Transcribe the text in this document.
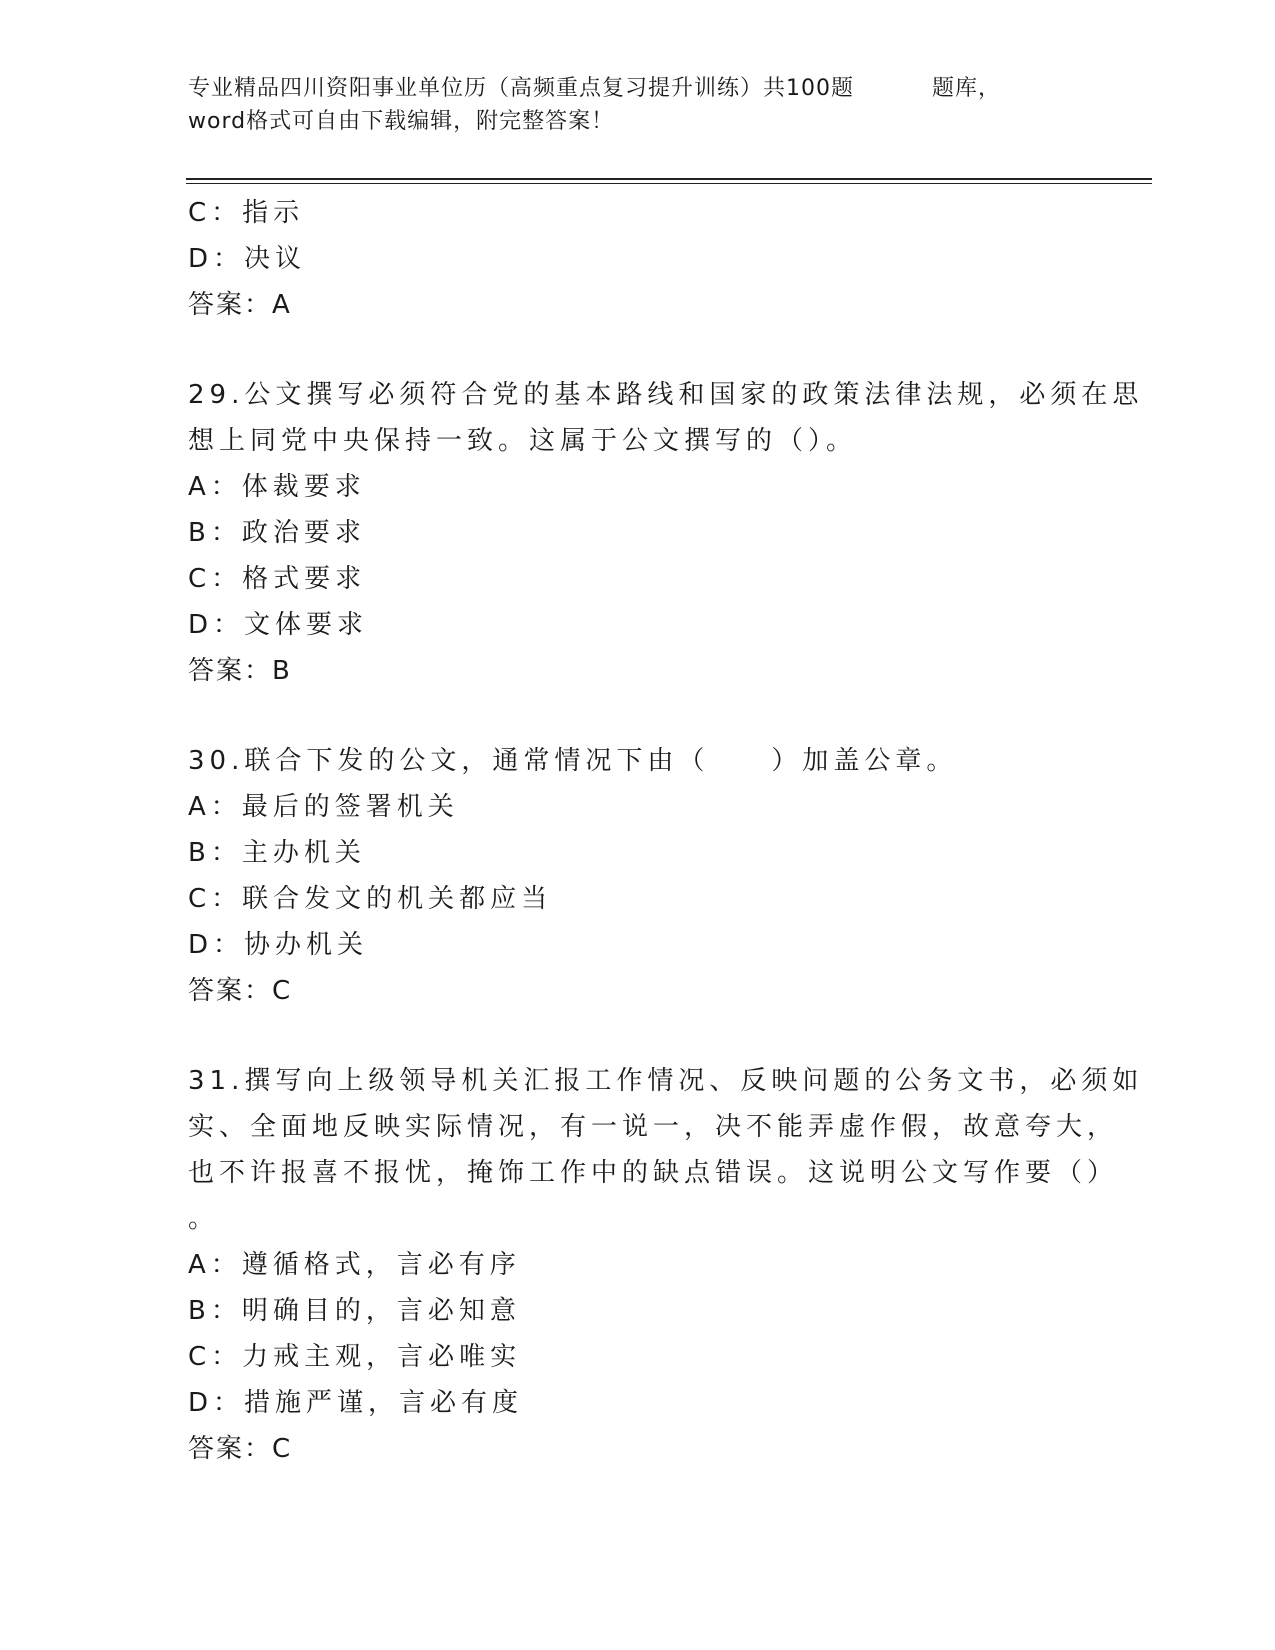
专业精品四川资阳事业单位历（高频重点复习提升训练）共100题	题库，
word格式可自由下载编辑，附完整答案！
C：指示
D：决议
答案：A
29.公文撰写必须符合党的基本路线和国家的政策法律法规，必须在思
想上同党中央保持一致。这属于公文撰写的（）。
A：体裁要求
B：政治要求
C：格式要求
D：文体要求
答案：B
30.联合下发的公文，通常情况下由（　　）加盖公章。
A：最后的签署机关
B：主办机关
C：联合发文的机关都应当
D：协办机关
答案：C
31.撰写向上级领导机关汇报工作情况、反映问题的公务文书，必须如
实、全面地反映实际情况，有一说一，决不能弄虚作假，故意夸大，
也不许报喜不报忧，掩饰工作中的缺点错误。这说明公文写作要（）
。
A：遵循格式，言必有序
B：明确目的，言必知意
C：力戒主观，言必唯实
D：措施严谨，言必有度
答案：C
